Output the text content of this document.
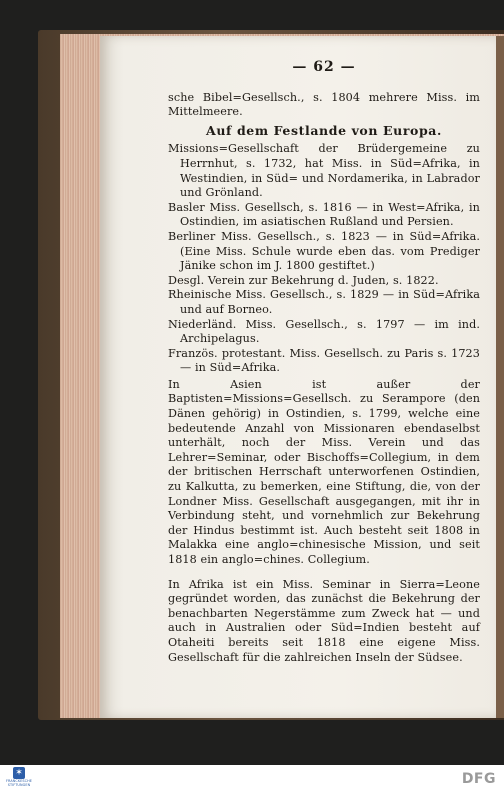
— 62 —

sche Bibel=Gesellsch., s. 1804 mehrere Miss. im Mittelmeere.

Auf dem Festlande von Europa.

Missions=Gesellschaft der Brüdergemeine zu Herrnhut, s. 1732, hat Miss. in Süd=Afrika, in Westindien, in Süd= und Nordamerika, in Labrador und Grönland.

Basler Miss. Gesellsch, s. 1816 — in West=Afrika, in Ostindien, im asiatischen Rußland und Persien.

Berliner Miss. Gesellsch., s. 1823 — in Süd=Afrika. (Eine Miss. Schule wurde eben das. vom Prediger Jänike schon im J. 1800 gestiftet.)

Desgl. Verein zur Bekehrung d. Juden, s. 1822.

Rheinische Miss. Gesellsch., s. 1829 — in Süd=Afrika und auf Borneo.

Niederländ. Miss. Gesellsch., s. 1797 — im ind. Archipelagus.

Französ. protestant. Miss. Gesellsch. zu Paris s. 1723 — in Süd=Afrika.

In Asien ist außer der Baptisten=Missions=Gesellsch. zu Serampore (den Dänen gehörig) in Ostindien, s. 1799, welche eine bedeutende Anzahl von Missionaren ebendaselbst unterhält, noch der Miss. Verein und das Lehrer=Seminar, oder Bischoffs=Collegium, in dem der britischen Herrschaft unterworfenen Ostindien, zu Kalkutta, zu bemerken, eine Stiftung, die, von der Londner Miss. Gesellschaft ausgegangen, mit ihr in Verbindung steht, und vornehmlich zur Bekehrung der Hindus bestimmt ist. Auch besteht seit 1808 in Malakka eine anglo=chinesische Mission, und seit 1818 ein anglo=chines. Collegium.

In Afrika ist ein Miss. Seminar in Sierra=Leone gegründet worden, das zunächst die Bekehrung der benachbarten Negerstämme zum Zweck hat — und auch in Australien oder Süd=Indien besteht auf Otaheiti bereits seit 1818 eine eigene Miss. Gesellschaft für die zahlreichen Inseln der Südsee.

✶
FRANCKESCHE
STIFTUNGEN	DFG
